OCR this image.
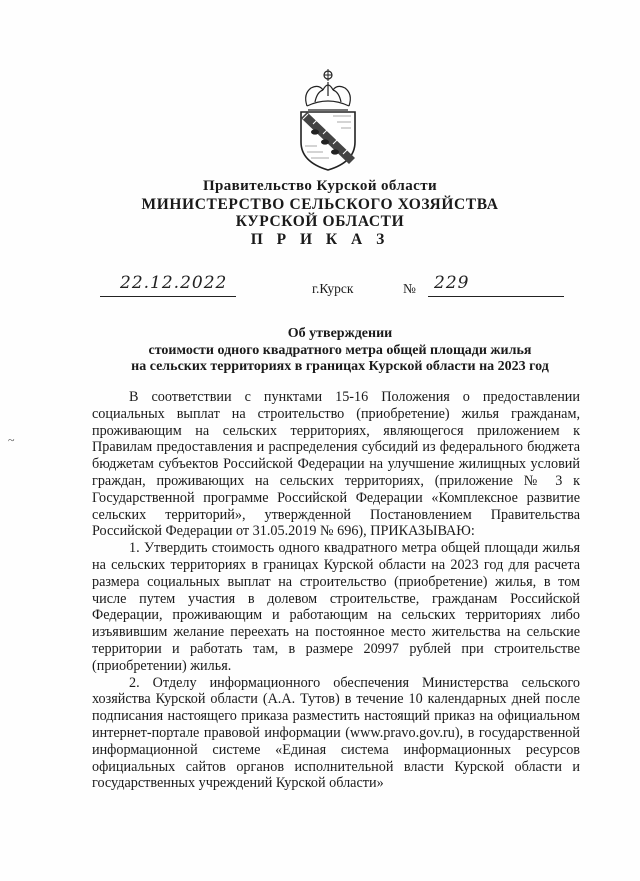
Правительство Курской области
МИНИСТЕРСТВО СЕЛЬСКОГО ХОЗЯЙСТВА
КУРСКОЙ ОБЛАСТИ
П Р И К А З
22.12.2022	г.Курск	№ 229
Об утверждении
стоимости одного квадратного метра общей площади жилья
на сельских территориях в границах Курской области на 2023 год
~

В соответствии с пунктами 15-16 Положения о предоставлении социальных выплат на строительство (приобретение) жилья гражданам, проживающим на сельских территориях, являющегося приложением к Правилам предоставления и распределения субсидий из федерального бюджета бюджетам субъектов Российской Федерации на улучшение жилищных условий граждан, проживающих на сельских территориях, (приложение № 3 к Государственной программе Российской Федерации «Комплексное развитие сельских территорий», утвержденной Постановлением Правительства Российской Федерации от 31.05.2019 № 696), ПРИКАЗЫВАЮ:

1. Утвердить стоимость одного квадратного метра общей площади жилья на сельских территориях в границах Курской области на 2023 год для расчета размера социальных выплат на строительство (приобретение) жилья, в том числе путем участия в долевом строительстве, гражданам Российской Федерации, проживающим и работающим на сельских территориях либо изъявившим желание переехать на постоянное место жительства на сельские территории и работать там, в размере 20997 рублей при строительстве (приобретении) жилья.

2. Отделу информационного обеспечения Министерства сельского хозяйства Курской области (А.А. Тутов) в течение 10 календарных дней после подписания настоящего приказа разместить настоящий приказ на официальном интернет-портале правовой информации (www.pravo.gov.ru), в государственной информационной системе «Единая система информационных ресурсов официальных сайтов органов исполнительной власти Курской области и государственных учреждений Курской области»
